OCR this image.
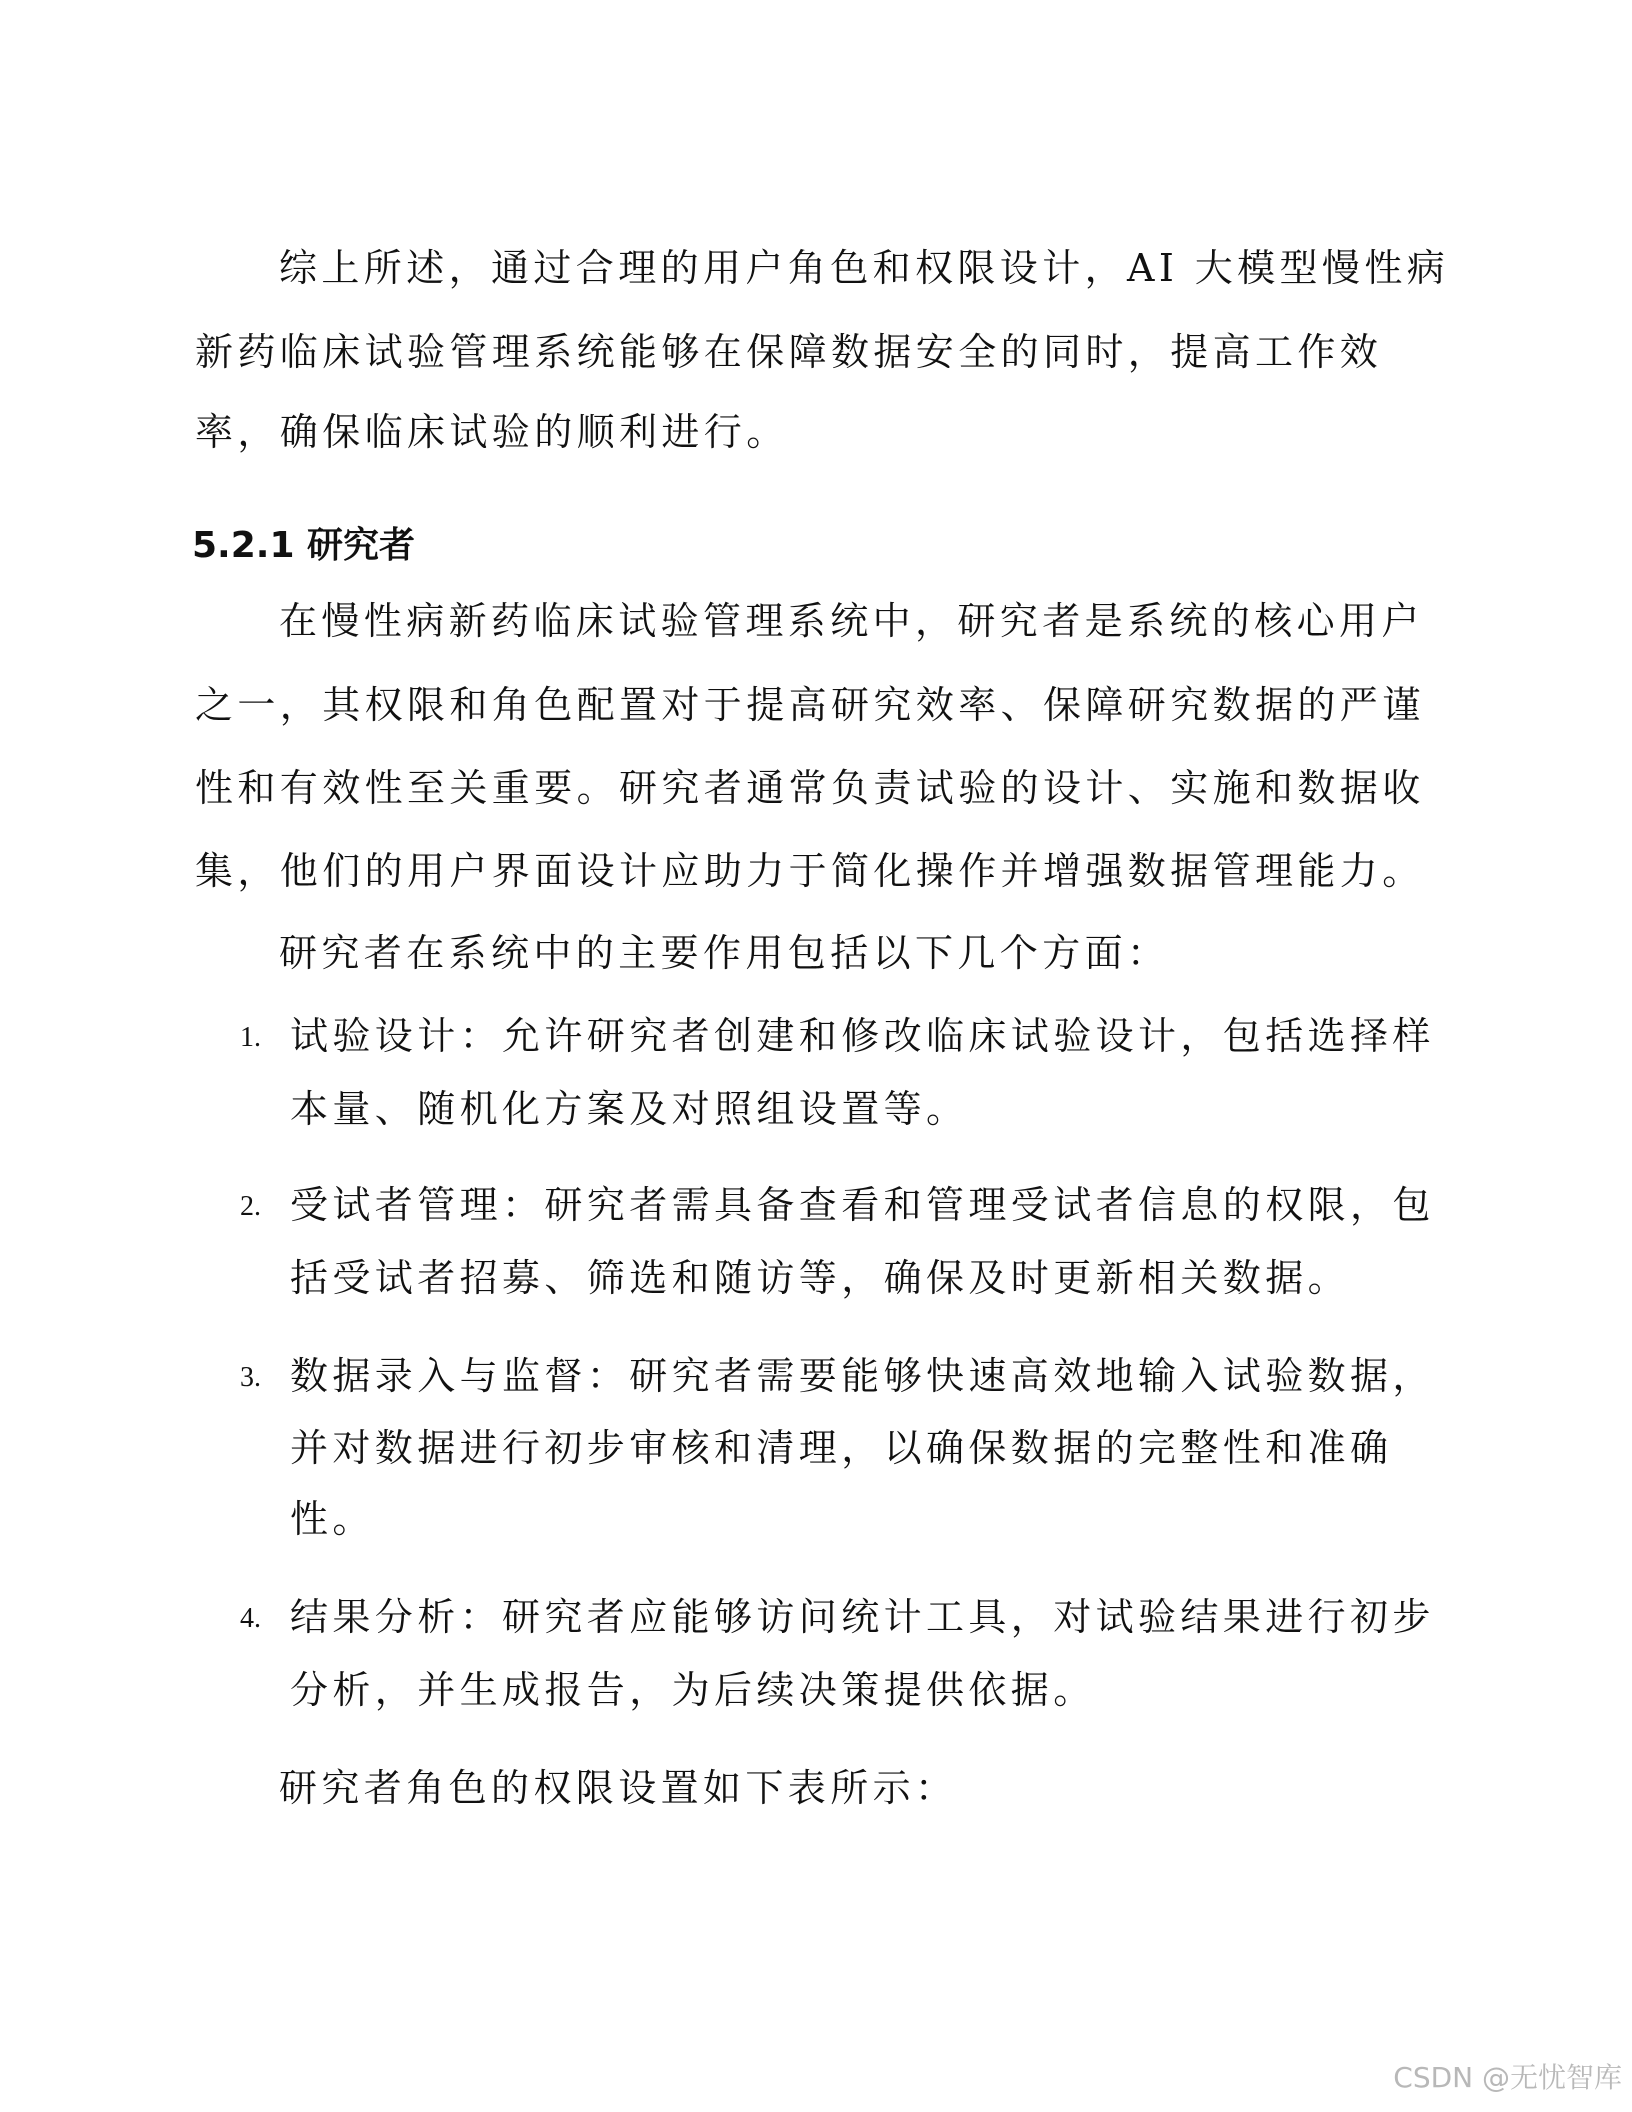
综上所述，通过合理的用户角色和权限设计，AI 大模型慢性病
新药临床试验管理系统能够在保障数据安全的同时，提高工作效
率，确保临床试验的顺利进行。
5.2.1 研究者
在慢性病新药临床试验管理系统中，研究者是系统的核心用户
之一，其权限和角色配置对于提高研究效率、保障研究数据的严谨
性和有效性至关重要。研究者通常负责试验的设计、实施和数据收
集，他们的用户界面设计应助力于简化操作并增强数据管理能力。
研究者在系统中的主要作用包括以下几个方面：
1. 试验设计：允许研究者创建和修改临床试验设计，包括选择样
本量、随机化方案及对照组设置等。
2. 受试者管理：研究者需具备查看和管理受试者信息的权限，包
括受试者招募、筛选和随访等，确保及时更新相关数据。
3. 数据录入与监督：研究者需要能够快速高效地输入试验数据，
并对数据进行初步审核和清理，以确保数据的完整性和准确
性。
4. 结果分析：研究者应能够访问统计工具，对试验结果进行初步
分析，并生成报告，为后续决策提供依据。
研究者角色的权限设置如下表所示：
CSDN @无忧智库
